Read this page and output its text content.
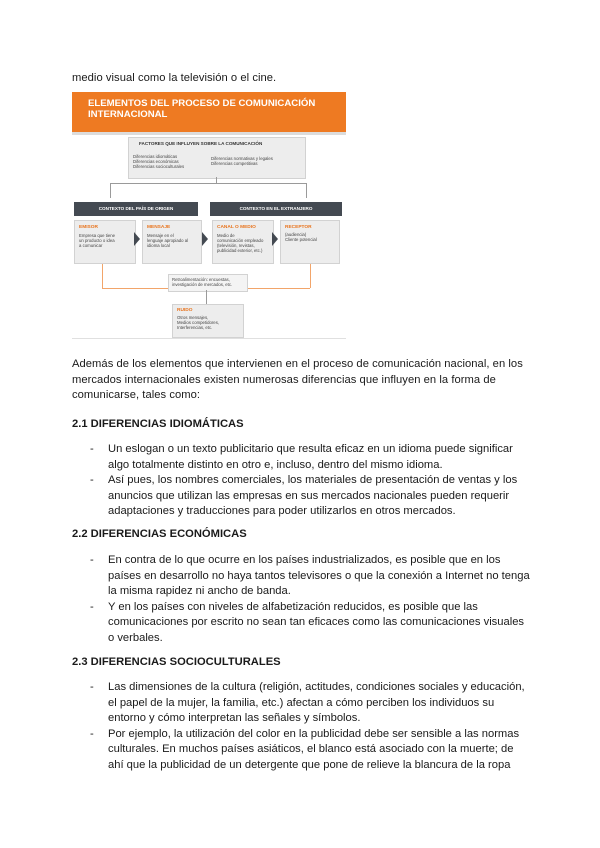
medio visual como la televisión o el cine.
ELEMENTOS DEL PROCESO DE COMUNICACIÓN INTERNACIONAL
FACTORES QUE INFLUYEN SOBRE LA COMUNICACIÓN
Diferencias idiomáticas
Diferencias económicas
Diferencias socioculturales
Diferencias normativas y legales
Diferencias competitivas
CONTEXTO DEL PAÍS DE ORIGEN	CONTEXTO EN EL EXTRANJERO
EMISOR
Empresa que tiene
un producto o idea
a comunicar
MENSAJE
Mensaje en el
lenguaje apropiado al
idioma local
CANAL O MEDIO
Medio de
comunicación empleado
(televisión, revistas,
publicidad exterior, etc.)
RECEPTOR
(audiencia)
Cliente potencial
Retroalimentación: encuestas,
investigación de mercados, etc.
RUIDO
Otros mensajes,
Medios competidores,
Interferencias, etc.
Además de los elementos que intervienen en el proceso de comunicación nacional, en los mercados internacionales existen numerosas diferencias que influyen en la forma de comunicarse, tales como:
2.1 DIFERENCIAS IDIOMÁTICAS
- Un eslogan o un texto publicitario que resulta eficaz en un idioma puede significar algo totalmente distinto en otro e, incluso, dentro del mismo idioma.
- Así pues, los nombres comerciales, los materiales de presentación de ventas y los anuncios que utilizan las empresas en sus mercados nacionales pueden requerir adaptaciones y traducciones para poder utilizarlos en otros mercados.
2.2 DIFERENCIAS ECONÓMICAS
- En contra de lo que ocurre en los países industrializados, es posible que en los países en desarrollo no haya tantos televisores o que la conexión a Internet no tenga la misma rapidez ni ancho de banda.
- Y en los países con niveles de alfabetización reducidos, es posible que las comunicaciones por escrito no sean tan eficaces como las comunicaciones visuales o verbales.
2.3 DIFERENCIAS SOCIOCULTURALES
- Las dimensiones de la cultura (religión, actitudes, condiciones sociales y educación, el papel de la mujer, la familia, etc.) afectan a cómo perciben los individuos su entorno y cómo interpretan las señales y símbolos.
- Por ejemplo, la utilización del color en la publicidad debe ser sensible a las normas culturales. En muchos países asiáticos, el blanco está asociado con la muerte; de ahí que la publicidad de un detergente que pone de relieve la blancura de la ropa
